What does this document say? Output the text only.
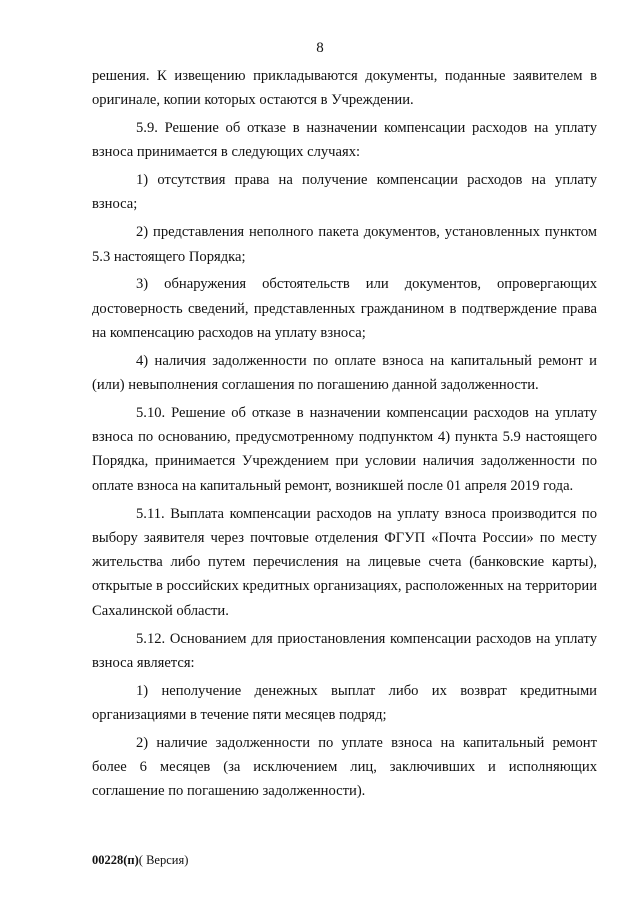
8

решения. К извещению прикладываются документы, поданные заявителем в оригинале, копии которых остаются в Учреждении.

5.9. Решение об отказе в назначении компенсации расходов на уплату взноса принимается в следующих случаях:

1) отсутствия права на получение компенсации расходов на уплату взноса;

2) представления неполного пакета документов, установленных пунктом 5.3 настоящего Порядка;

3) обнаружения обстоятельств или документов, опровергающих достоверность сведений, представленных гражданином в подтверждение права на компенсацию расходов на уплату взноса;

4) наличия задолженности по оплате взноса на капитальный ремонт и (или) невыполнения соглашения по погашению данной задолженности.

5.10. Решение об отказе в назначении компенсации расходов на уплату взноса по основанию, предусмотренному подпунктом 4) пункта 5.9 настоящего Порядка, принимается Учреждением при условии наличия задолженности по оплате взноса на капитальный ремонт, возникшей после 01 апреля 2019 года.

5.11. Выплата компенсации расходов на уплату взноса производится по выбору заявителя через почтовые отделения ФГУП «Почта России» по месту жительства либо путем перечисления на лицевые счета (банковские карты), открытые в российских кредитных организациях, расположенных на территории Сахалинской области.

5.12. Основанием для приостановления компенсации расходов на уплату взноса является:

1) неполучение денежных выплат либо их возврат кредитными организациями в течение пяти месяцев подряд;

2) наличие задолженности по уплате взноса на капитальный ремонт более 6 месяцев (за исключением лиц, заключивших и исполняющих соглашение по погашению задолженности).

00228(п)( Версия)
